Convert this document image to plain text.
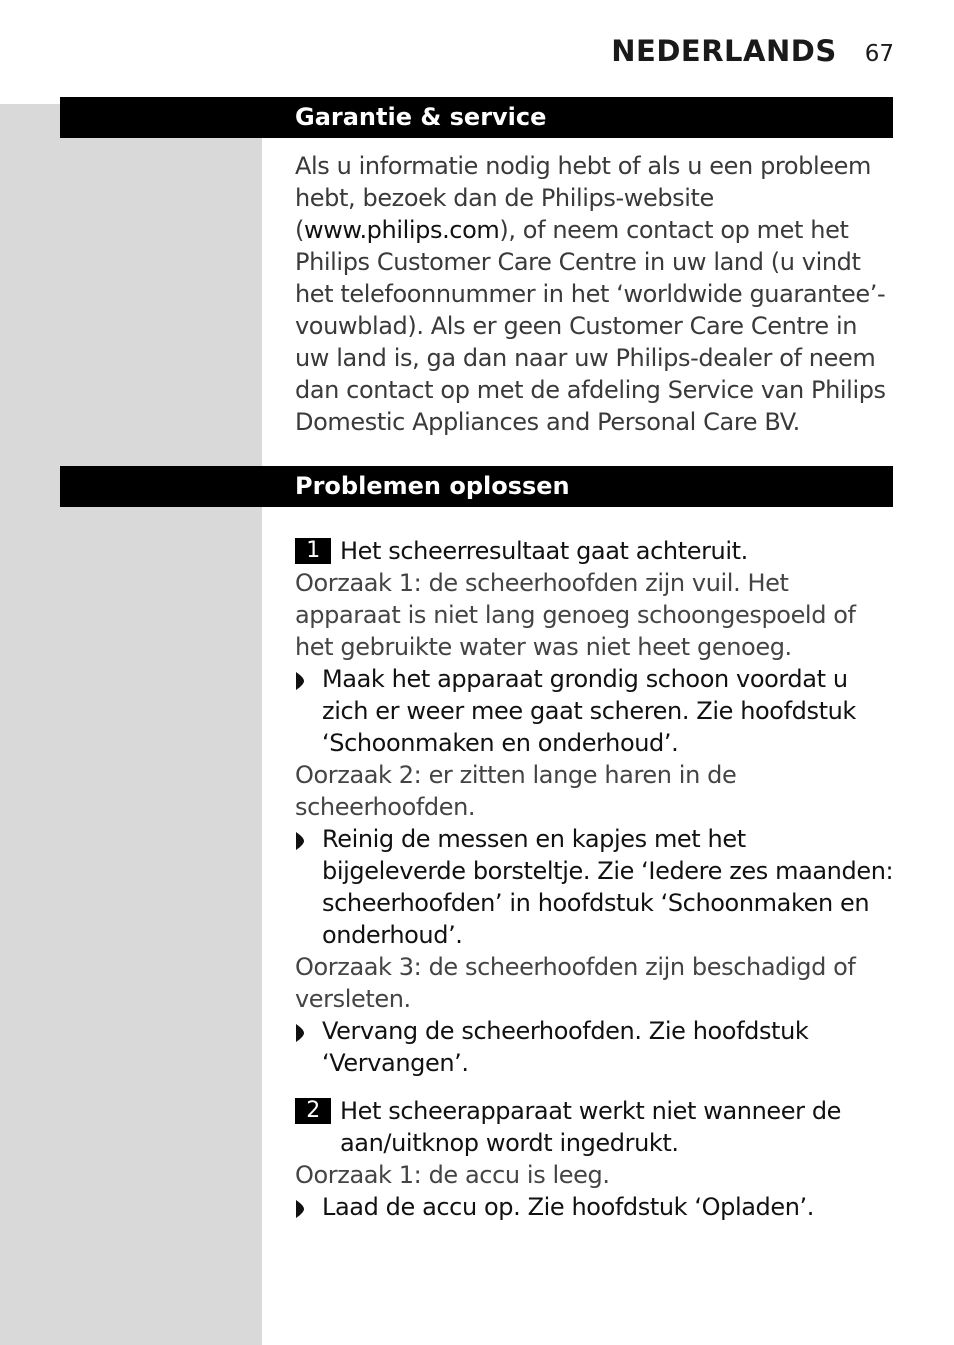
NEDERLANDS 67
Garantie & service

Als u informatie nodig hebt of als u een probleem hebt, bezoek dan de Philips-website (www.philips.com), of neem contact op met het Philips Customer Care Centre in uw land (u vindt het telefoonnummer in het ‘worldwide guarantee’-vouwblad). Als er geen Customer Care Centre in uw land is, ga dan naar uw Philips-dealer of neem dan contact op met de afdeling Service van Philips Domestic Appliances and Personal Care BV.

Problemen oplossen
1 Het scheerresultaat gaat achteruit.

Oorzaak 1: de scheerhoofden zijn vuil. Het apparaat is niet lang genoeg schoongespoeld of het gebruikte water was niet heet genoeg.

Maak het apparaat grondig schoon voordat u zich er weer mee gaat scheren. Zie hoofdstuk ‘Schoonmaken en onderhoud’.

Oorzaak 2: er zitten lange haren in de scheerhoofden.

Reinig de messen en kapjes met het bijgeleverde borsteltje. Zie ‘Iedere zes maanden: scheerhoofden’ in hoofdstuk ‘Schoonmaken en onderhoud’.

Oorzaak 3: de scheerhoofden zijn beschadigd of versleten.

Vervang de scheerhoofden. Zie hoofdstuk ‘Vervangen’.
2 Het scheerapparaat werkt niet wanneer de aan/uitknop wordt ingedrukt.

Oorzaak 1: de accu is leeg.

Laad de accu op. Zie hoofdstuk ‘Opladen’.
